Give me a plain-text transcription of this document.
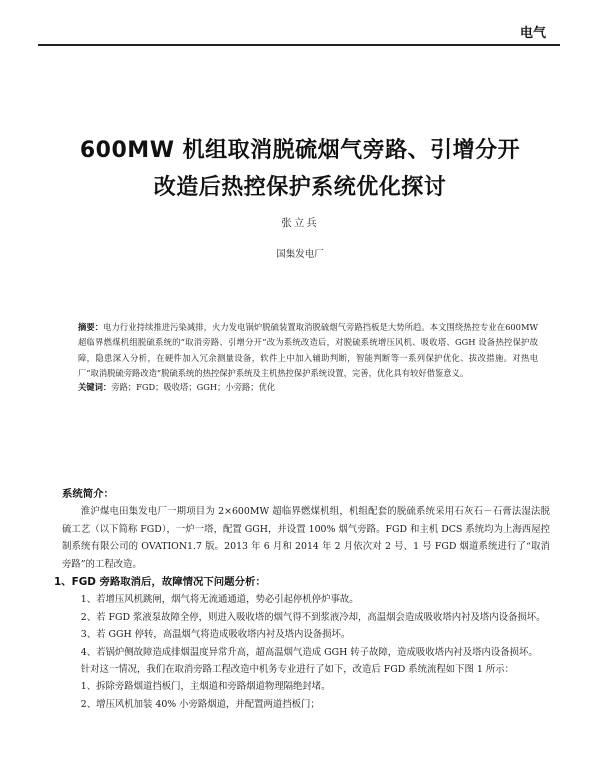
电气
600MW 机组取消脱硫烟气旁路、引增分开
改造后热控保护系统优化探讨
张立兵
国集发电厂
摘要：电力行业持续推进污染减排，火力发电锅炉脱硫装置取消脱硫烟气旁路挡板是大势所趋。本文围绕热控专业在600MW 超临界燃煤机组脱硫系统的“取消旁路、引增分开”改为系统改造后，对脱硫系统增压风机、吸收塔、GGH 设备热控保护故障，隐患深入分析，在硬件加入冗余测量设备，软件上中加入辅助判断，智能判断等一系列保护优化、拔改措施。对热电厂“取消脱硫旁路改造”脱硫系统的热控保护系统及主机热控保护系统设置，完善，优化具有较好借鉴意义。
关键词：旁路；FGD；吸收塔；GGH；小旁路；优化

系统简介：

淮沪煤电田集发电厂一期项目为 2×600MW 超临界燃煤机组，机组配套的脱硫系统采用石灰石－石膏法湿法脱硫工艺（以下简称 FGD），一炉一塔，配置 GGH，并设置 100% 烟气旁路。FGD 和主机 DCS 系统均为上海西屋控制系统有限公司的 OVATION1.7 版。2013 年 6 月和 2014 年 2 月依次对 2 号、1 号 FGD 烟道系统进行了“取消旁路”的工程改造。

1、FGD 旁路取消后，故障情况下问题分析：

1、若增压风机跳闸，烟气将无流通通道，势必引起停机停炉事故。

2、若 FGD 浆液泵故障全停，则进入吸收塔的烟气得不到浆液冷却，高温烟会造成吸收塔内衬及塔内设备损坏。

3、若 GGH 停转，高温烟气将造成吸收塔内衬及塔内设备损坏。

4、若锅炉侧故障造成排烟温度异常升高，超高温烟气造成 GGH 转子故障，造成吸收塔内衬及塔内设备损坏。

针对这一情况，我们在取消旁路工程改造中机务专业进行了如下，改造后 FGD 系统流程如下图 1 所示：

1、拆除旁路烟道挡板门，主烟道和旁路烟道物理隔绝封堵。

2、增压风机加装 40% 小旁路烟道，并配置两道挡板门；
